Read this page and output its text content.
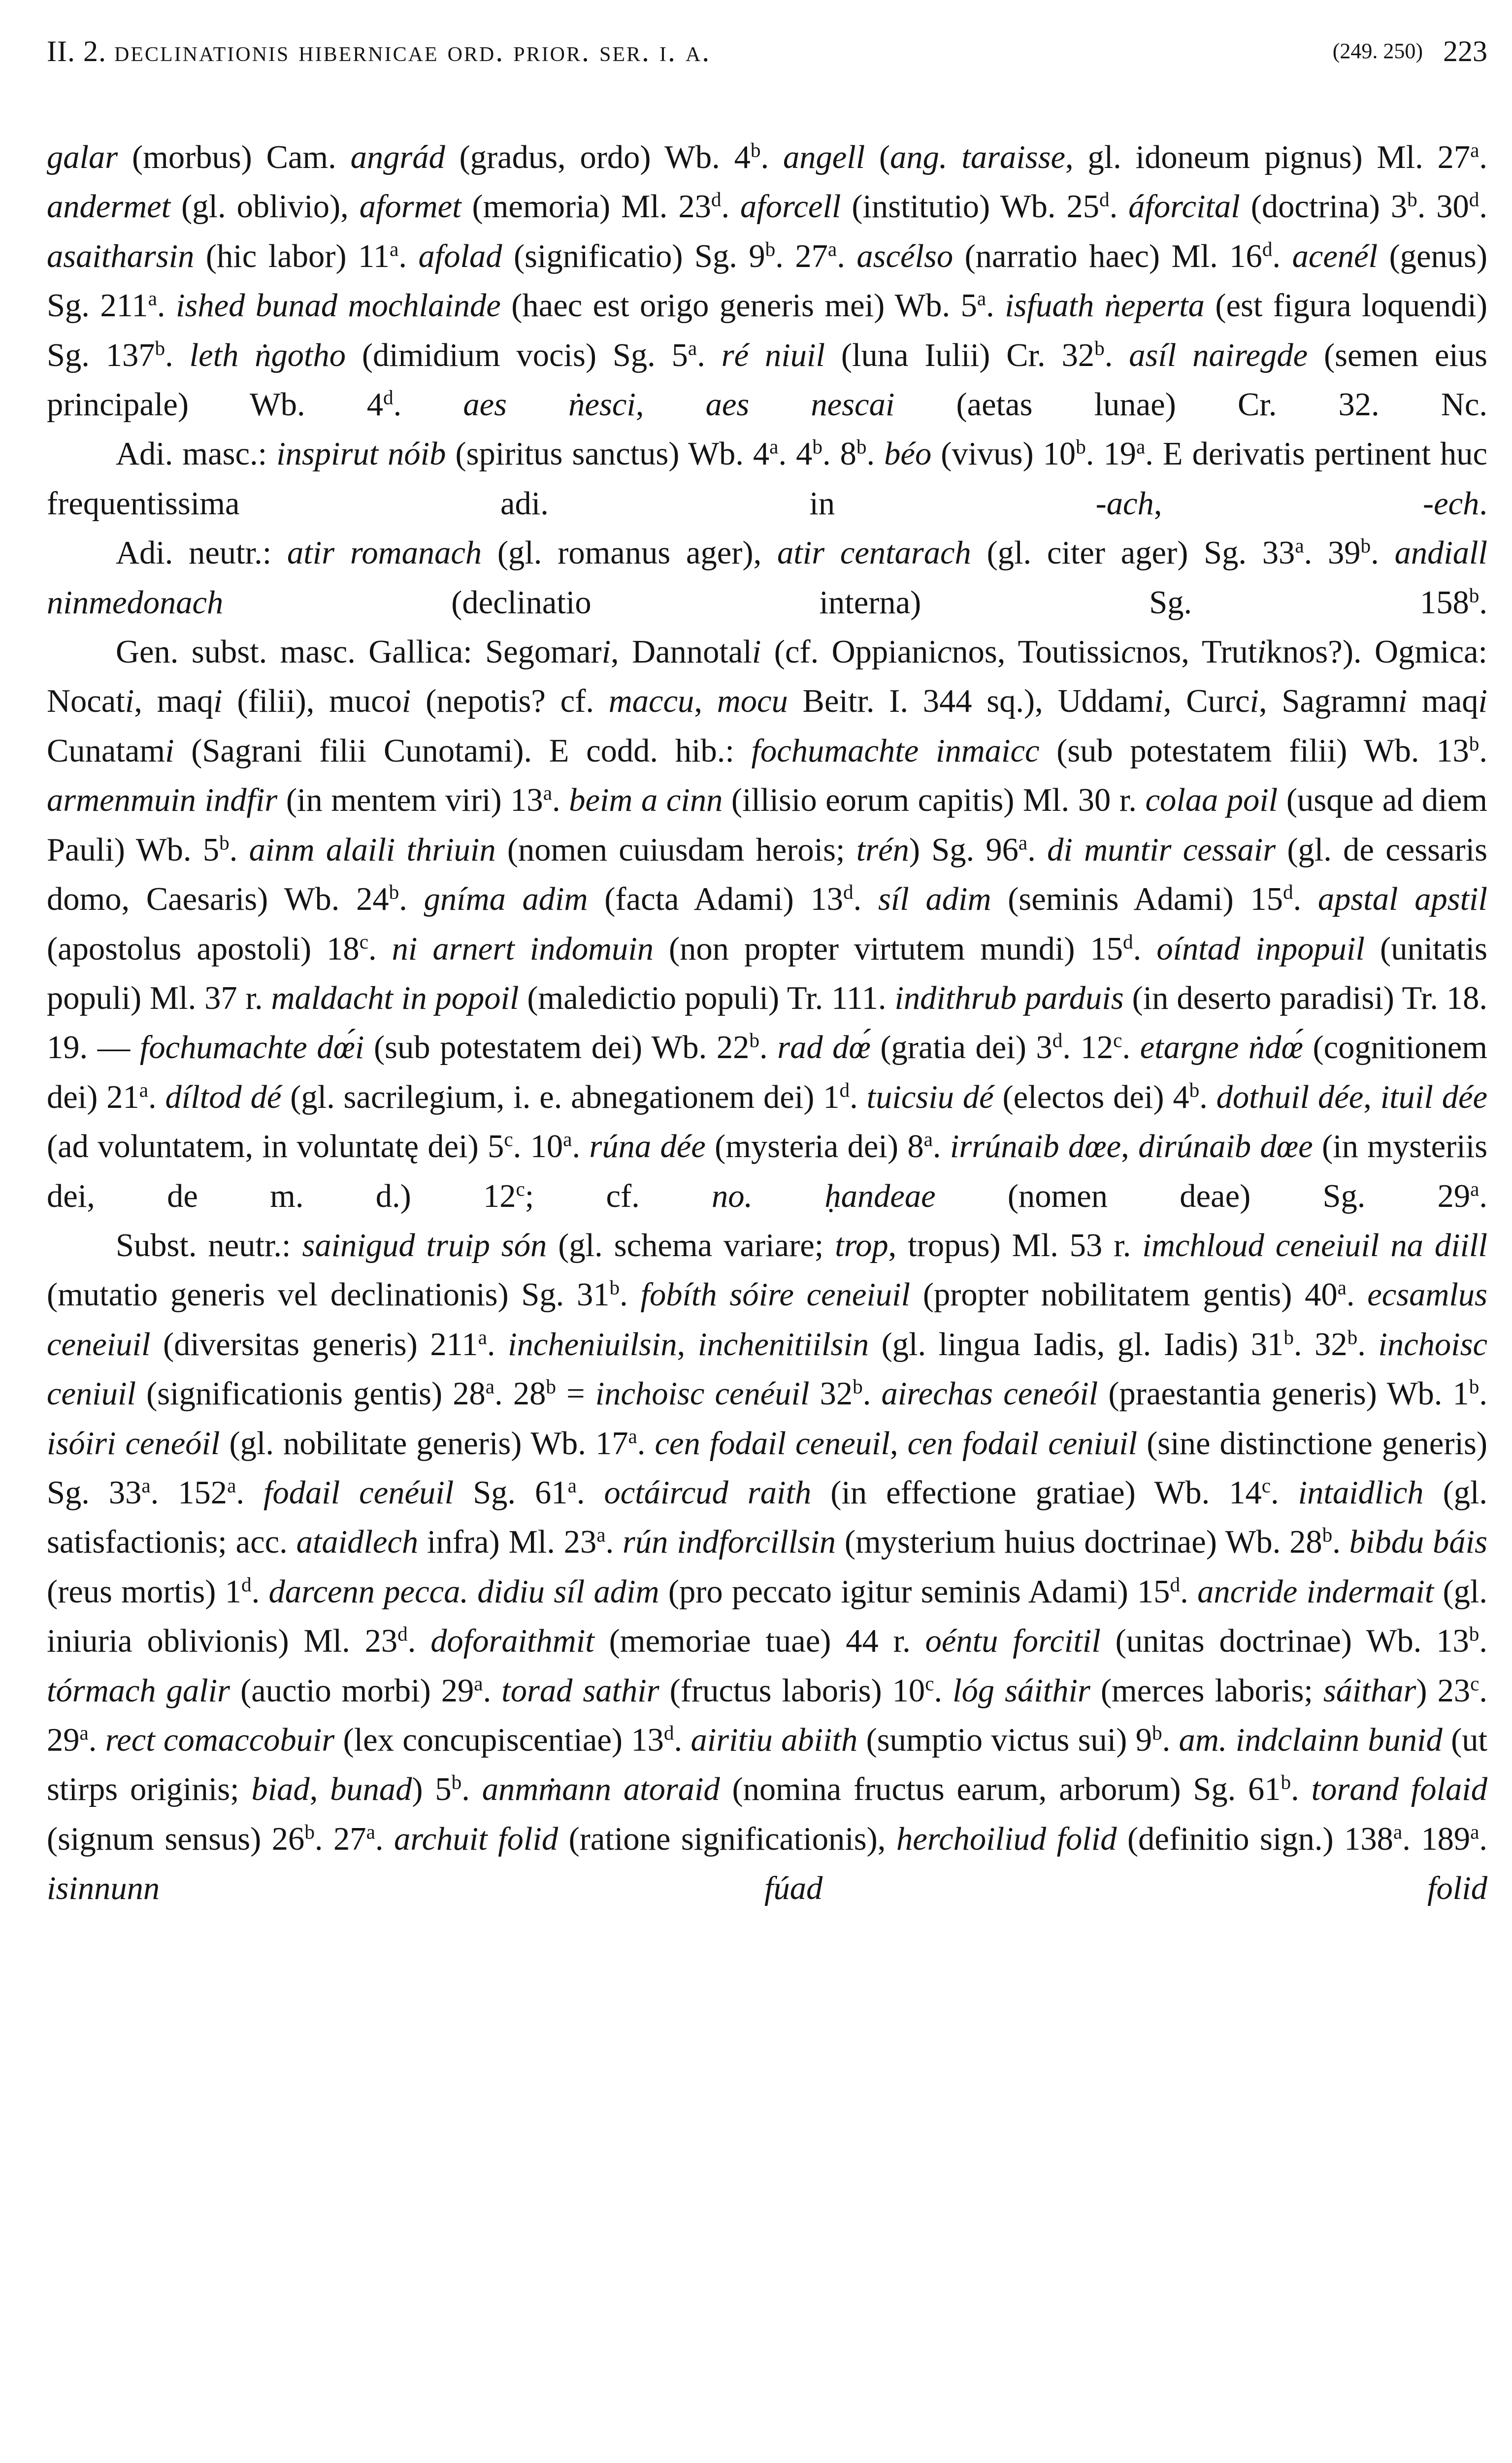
II. 2. declinationis hibernicae ord. prior. ser. i. a.	(249. 250) 223

galar (morbus) Cam. angrád (gradus, ordo) Wb. 4$^b$. angell (ang. taraisse, gl. idoneum pignus) Ml. 27$^a$. andermet (gl. oblivio), aformet (memoria) Ml. 23$^d$. aforcell (institutio) Wb. 25$^d$. áforcital (doctrina) 3$^b$. 30$^d$. asaitharsin (hic labor) 11$^a$. afolad (significatio) Sg. 9$^b$. 27$^a$. ascélso (narratio haec) Ml. 16$^d$. acenél (genus) Sg. 211$^a$. ished bunad mochlainde (haec est origo generis mei) Wb. 5$^a$. isfuath ṅeperta (est figura loquendi) Sg. 137$^b$. leth ṅgotho (dimidium vocis) Sg. 5$^a$. ré niuil (luna Iulii) Cr. 32$^b$. asíl nairegde (semen eius principale) Wb. 4$^d$. aes ṅesci, aes nescai (aetas lunae) Cr. 32. Nc.

Adi. masc.: inspirut nóib (spiritus sanctus) Wb. 4$^a$. 4$^b$. 8$^b$. béo (vivus) 10$^b$. 19$^a$. E derivatis pertinent huc frequentissima adi. in -ach, -ech.

Adi. neutr.: atir romanach (gl. romanus ager), atir centarach (gl. citer ager) Sg. 33$^a$. 39$^b$. andiall ninmedonach (declinatio interna) Sg. 158$^b$.

Gen. subst. masc. Gallica: Segomari, Dannotali (cf. Oppianicnos, Toutissicnos, Trutiknos?). Ogmica: Nocati, maqi (filii), mucoi (nepotis? cf. maccu, mocu Beitr. I. 344 sq.), Uddami, Curci, Sagramni maqi Cunatami (Sagrani filii Cunotami). E codd. hib.: fochumachte inmaicc (sub potestatem filii) Wb. 13$^b$. armenmuin indfir (in mentem viri) 13$^a$. beim a cinn (illisio eorum capitis) Ml. 30 r. colaa poil (usque ad diem Pauli) Wb. 5$^b$. ainm alaili thriuin (nomen cuiusdam herois; trén) Sg. 96$^a$. di muntir cessair (gl. de cessaris domo, Caesaris) Wb. 24$^b$. gníma adim (facta Adami) 13$^d$. síl adim (seminis Adami) 15$^d$. apstal apstil (apostolus apostoli) 18$^c$. ni arnert indomuin (non propter virtutem mundi) 15$^d$. oíntad inpopuil (unitatis populi) Ml. 37 r. maldacht in popoil (maledictio populi) Tr. 111. indithrub parduis (in deserto paradisi) Tr. 18. 19. — fochumachte dœ́i (sub potestatem dei) Wb. 22$^b$. rad dœ́ (gratia dei) 3$^d$. 12$^c$. etargne ṅdœ́ (cognitionem dei) 21$^a$. díltod dé (gl. sacrilegium, i. e. abnegationem dei) 1$^d$. tuicsiu dé (electos dei) 4$^b$. dothuil dée, ituil dée (ad voluntatem, in voluntatę dei) 5$^c$. 10$^a$. rúna dée (mysteria dei) 8$^a$. irrúnaib dœe, dirúnaib dœe (in mysteriis dei, de m. d.) 12$^c$; cf. no. ḥandeae (nomen deae) Sg. 29$^a$.

Subst. neutr.: sainigud truip són (gl. schema variare; trop, tropus) Ml. 53 r. imchloud ceneiuil na diill (mutatio generis vel declinationis) Sg. 31$^b$. fobíth sóire ceneiuil (propter nobilitatem gentis) 40$^a$. ecsamlus ceneiuil (diversitas generis) 211$^a$. incheniuilsin, inchenitiilsin (gl. lingua Iadis, gl. Iadis) 31$^b$. 32$^b$. inchoisc ceniuil (significationis gentis) 28$^a$. $28^b$ = inchoisc cenéuil 32$^b$. airechas ceneóil (praestantia generis) Wb. 1$^b$. isóiri ceneóil (gl. nobilitate generis) Wb. 17$^a$. cen fodail ceneuil, cen fodail ceniuil (sine distinctione generis) Sg. 33$^a$. 152$^a$. fodail cenéuil Sg. 61$^a$. octáircud raith (in effectione gratiae) Wb. 14$^c$. intaidlich (gl. satisfactionis; acc. ataidlech infra) Ml. 23$^a$. rún indforcillsin (mysterium huius doctrinae) Wb. 28$^b$. bibdu báis (reus mortis) 1$^d$. darcenn pecca. didiu síl adim (pro peccato igitur seminis Adami) 15$^d$. ancride indermait (gl. iniuria oblivionis) Ml. 23$^d$. doforaithmit (memoriae tuae) 44 r. oéntu forcitil (unitas doctrinae) Wb. 13$^b$. tórmach galir (auctio morbi) 29$^a$. torad sathir (fructus laboris) 10$^c$. lóg sáithir (merces laboris; sáithar) 23$^c$. 29$^a$. rect comaccobuir (lex concupiscentiae) 13$^d$. airitiu abiith (sumptio victus sui) 9$^b$. am. indclainn bunid (ut stirps originis; biad, bunad) 5$^b$. anmṁann atoraid (nomina fructus earum, arborum) Sg. 61$^b$. torand folaid (signum sensus) 26$^b$. 27$^a$. archuit folid (ratione significationis), herchoiliud folid (definitio sign.) 138$^a$. 189$^a$. isinnunn fúad folid
